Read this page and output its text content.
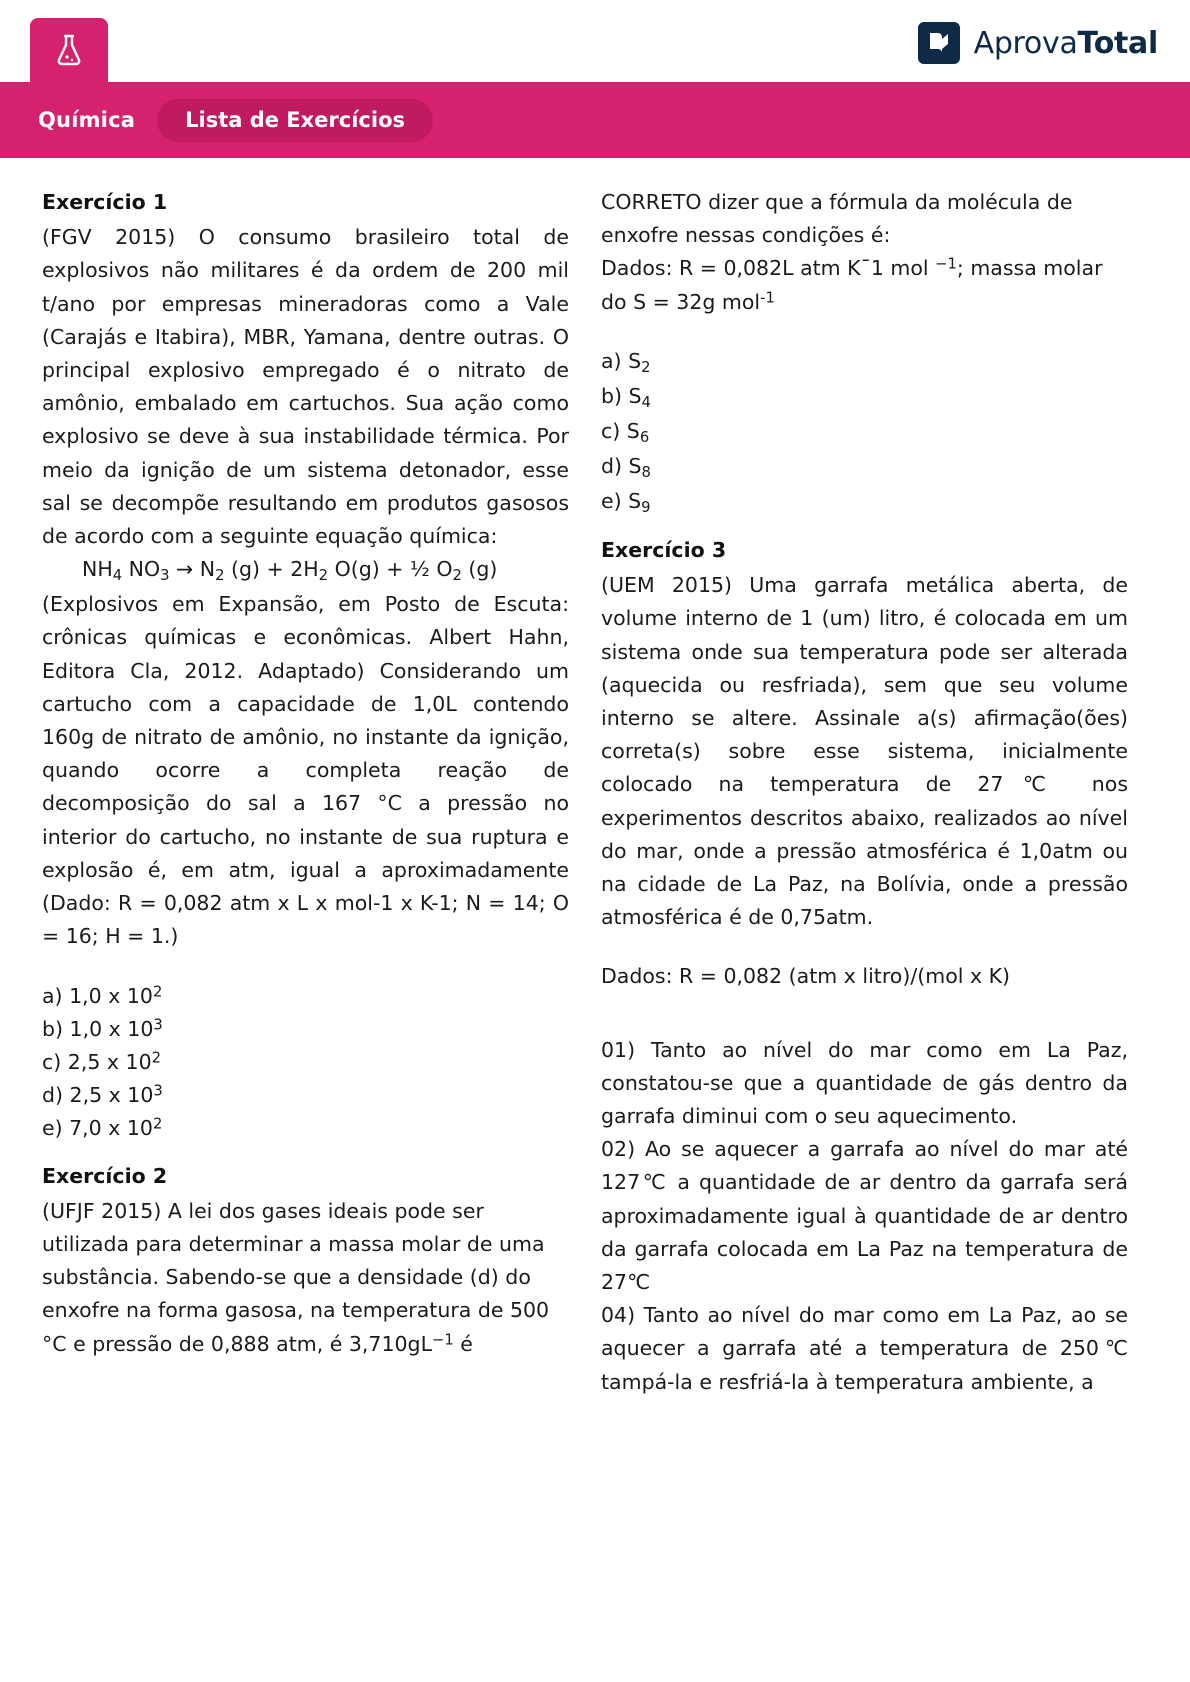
AprovaTotal
Química	Lista de Exercícios
Exercício 1

(FGV 2015) O consumo brasileiro total de explosivos não militares é da ordem de 200 mil t/ano por empresas mineradoras como a Vale (Carajás e Itabira), MBR, Yamana, dentre outras. O principal explosivo empregado é o nitrato de amônio, embalado em cartuchos. Sua ação como explosivo se deve à sua instabilidade térmica. Por meio da ignição de um sistema detonador, esse sal se decompõe resultando em produtos gasosos de acordo com a seguinte equação química:

$NH_4$ $NO_3 \to N_2$ $(g) + 2H_2$ O(g) + ½ $O_2$ (g)

(Explosivos em Expansão, em Posto de Escuta: crônicas químicas e econômicas. Albert Hahn, Editora Cla, 2012. Adaptado) Considerando um cartucho com a capacidade de 1,0L contendo 160g de nitrato de amônio, no instante da ignição, quando ocorre a completa reação de decomposição do sal a 167 °C a pressão no interior do cartucho, no instante de sua ruptura e explosão é, em atm, igual a aproximadamente (Dado: R = 0,082 atm x L x mol-1 x K-1; N = 14; O = 16; H = 1.)

a) 1,0 x $10^2$

b) 1,0 x $10^3$

c) 2,5 x $10^2$

d) 2,5 x $10^3$

e) 7,0 x $10^2$

Exercício 2

(UFJF 2015) A lei dos gases ideais pode ser utilizada para determinar a massa molar de uma substância. Sabendo-se que a densidade (d) do enxofre na forma gasosa, na temperatura de 500 °C e pressão de 0,888 atm, é $3,710gL^{-1}$ é

CORRETO dizer que a fórmula da molécula de enxofre nessas condições é:

Dados: R = 0,082L atm K¯1 mol $^{-1}$; massa molar do S = 32g mol$^{-1}$

a) $S_2$

b) $S_4$

c) $S_6$

d) $S_8$

e) $S_9$

Exercício 3

(UEM 2015) Uma garrafa metálica aberta, de volume interno de 1 (um) litro, é colocada em um sistema onde sua temperatura pode ser alterada (aquecida ou resfriada), sem que seu volume interno se altere. Assinale a(s) afirmação(ões) correta(s) sobre esse sistema, inicialmente colocado na temperatura de 27℃ nos experimentos descritos abaixo, realizados ao nível do mar, onde a pressão atmosférica é 1,0atm ou na cidade de La Paz, na Bolívia, onde a pressão atmosférica é de 0,75atm.

Dados: R = 0,082 (atm x litro)/(mol x K)

01) Tanto ao nível do mar como em La Paz, constatou-se que a quantidade de gás dentro da garrafa diminui com o seu aquecimento.

02) Ao se aquecer a garrafa ao nível do mar até 127℃ a quantidade de ar dentro da garrafa será aproximadamente igual à quantidade de ar dentro da garrafa colocada em La Paz na temperatura de 27℃

04) Tanto ao nível do mar como em La Paz, ao se aquecer a garrafa até a temperatura de 250℃ tampá-la e resfriá-la à temperatura ambiente, a
